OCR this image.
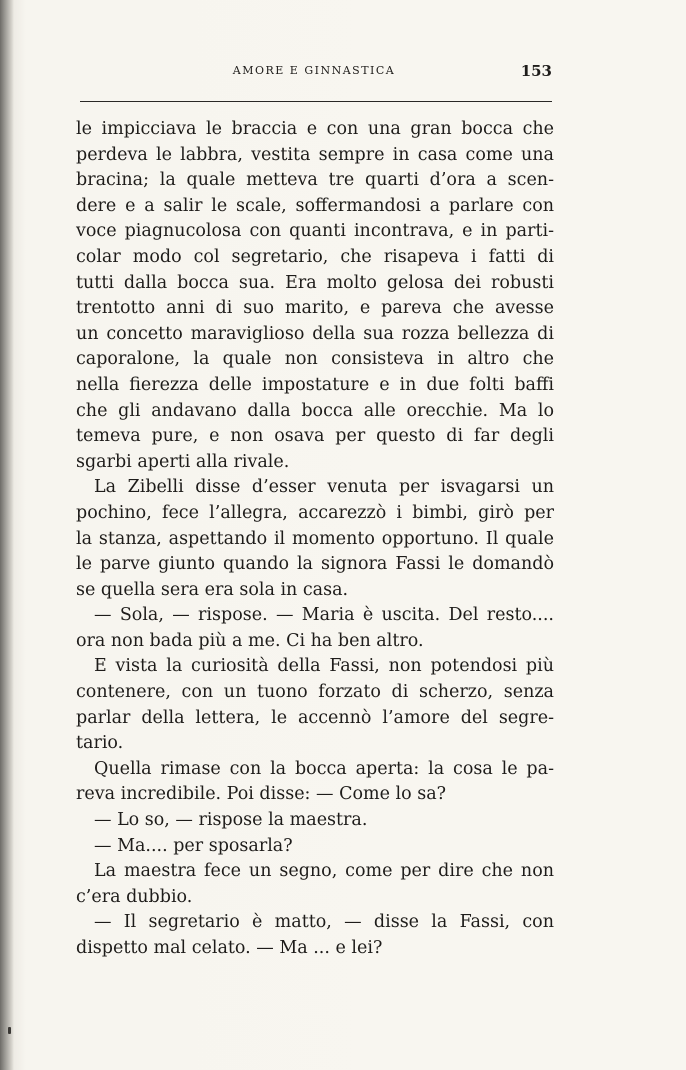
AMORE E GINNASTICA	153
le impicciava le braccia e con una gran bocca che
perdeva le labbra, vestita sempre in casa come una
bracina; la quale metteva tre quarti d’ora a scen-
dere e a salir le scale, soffermandosi a parlare con
voce piagnucolosa con quanti incontrava, e in parti-
colar modo col segretario, che risapeva i fatti di
tutti dalla bocca sua. Era molto gelosa dei robusti
trentotto anni di suo marito, e pareva che avesse
un concetto maraviglioso della sua rozza bellezza di
caporalone, la quale non consisteva in altro che
nella fierezza delle impostature e in due folti baffi
che gli andavano dalla bocca alle orecchie. Ma lo
temeva pure, e non osava per questo di far degli
sgarbi aperti alla rivale.
La Zibelli disse d’esser venuta per isvagarsi un
pochino, fece l’allegra, accarezzò i bimbi, girò per
la stanza, aspettando il momento opportuno. Il quale
le parve giunto quando la signora Fassi le domandò
se quella sera era sola in casa.
— Sola, — rispose. — Maria è uscita. Del resto....
ora non bada più a me. Ci ha ben altro.
E vista la curiosità della Fassi, non potendosi più
contenere, con un tuono forzato di scherzo, senza
parlar della lettera, le accennò l’amore del segre-
tario.
Quella rimase con la bocca aperta: la cosa le pa-
reva incredibile. Poi disse: — Come lo sa?
— Lo so, — rispose la maestra.
— Ma.... per sposarla?
La maestra fece un segno, come per dire che non
c’era dubbio.
— Il segretario è matto, — disse la Fassi, con
dispetto mal celato. — Ma ... e lei?
